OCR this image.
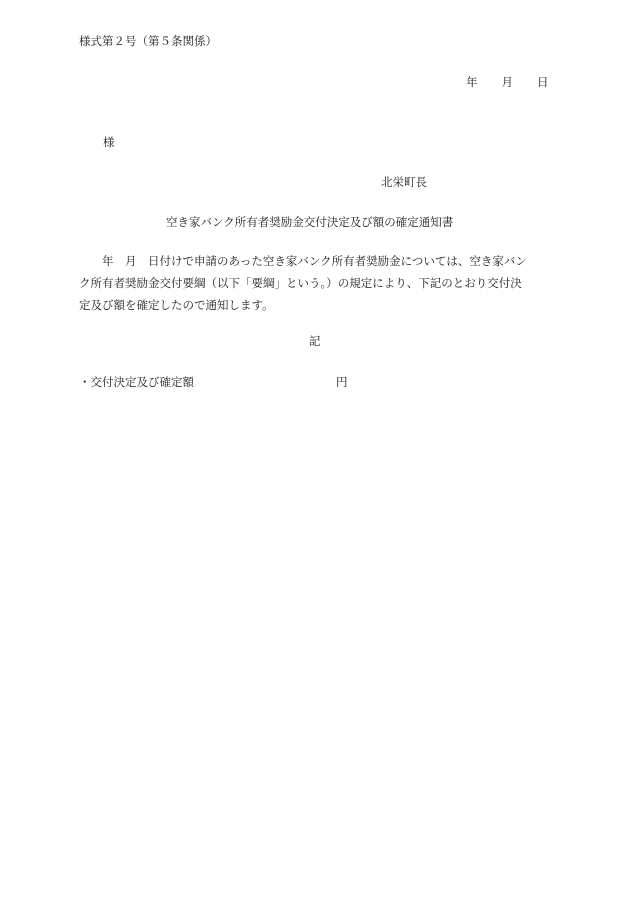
様式第２号（第５条関係）
年 月 日
様
北栄町長
空き家バンク所有者奨励金交付決定及び額の確定通知書

　　年　月　日付けで申請のあった空き家バンク所有者奨励金については、空き家バン

ク所有者奨励金交付要綱（以下「要綱」という。）の規定により、下記のとおり交付決

定及び額を確定したので通知します。

記
・交付決定及び確定額	円
